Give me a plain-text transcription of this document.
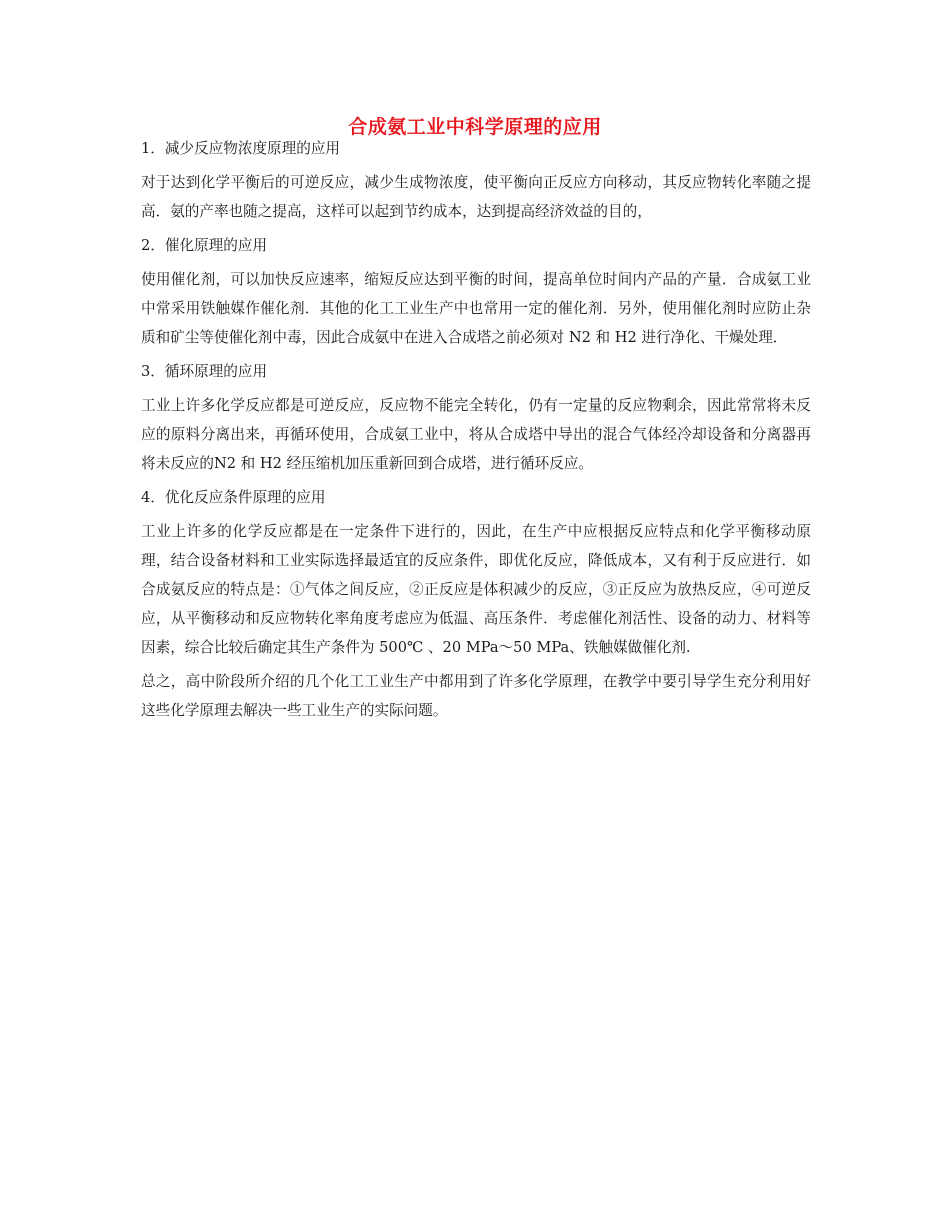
合成氨工业中科学原理的应用

1．减少反应物浓度原理的应用

对于达到化学平衡后的可逆反应，减少生成物浓度，使平衡向正反应方向移动，其反应物转化率随之提高．氨的产率也随之提高，这样可以起到节约成本，达到提高经济效益的目的，

2．催化原理的应用

使用催化剂，可以加快反应速率，缩短反应达到平衡的时间，提高单位时间内产品的产量．合成氨工业中常采用铁触媒作催化剂．其他的化工工业生产中也常用一定的催化剂．另外，使用催化剂时应防止杂质和矿尘等使催化剂中毒，因此合成氨中在进入合成塔之前必须对 N2 和 H2 进行净化、干燥处理．

3．循环原理的应用

工业上许多化学反应都是可逆反应，反应物不能完全转化，仍有一定量的反应物剩余，因此常常将未反应的原料分离出来，再循环使用，合成氨工业中，将从合成塔中导出的混合气体经冷却设备和分离器再将未反应的N2 和 H2 经压缩机加压重新回到合成塔，进行循环反应。

4．优化反应条件原理的应用

工业上许多的化学反应都是在一定条件下进行的，因此，在生产中应根据反应特点和化学平衡移动原理，结合设备材料和工业实际选择最适宜的反应条件，即优化反应，降低成本，又有利于反应进行．如合成氨反应的特点是：①气体之间反应，②正反应是体积减少的反应，③正反应为放热反应，④可逆反应，从平衡移动和反应物转化率角度考虑应为低温、高压条件．考虑催化剂活性、设备的动力、材料等因素，综合比较后确定其生产条件为 500℃ 、20 MPa～50 MPa、铁触媒做催化剂.

总之，高中阶段所介绍的几个化工工业生产中都用到了许多化学原理，在教学中要引导学生充分利用好这些化学原理去解决一些工业生产的实际问题。
